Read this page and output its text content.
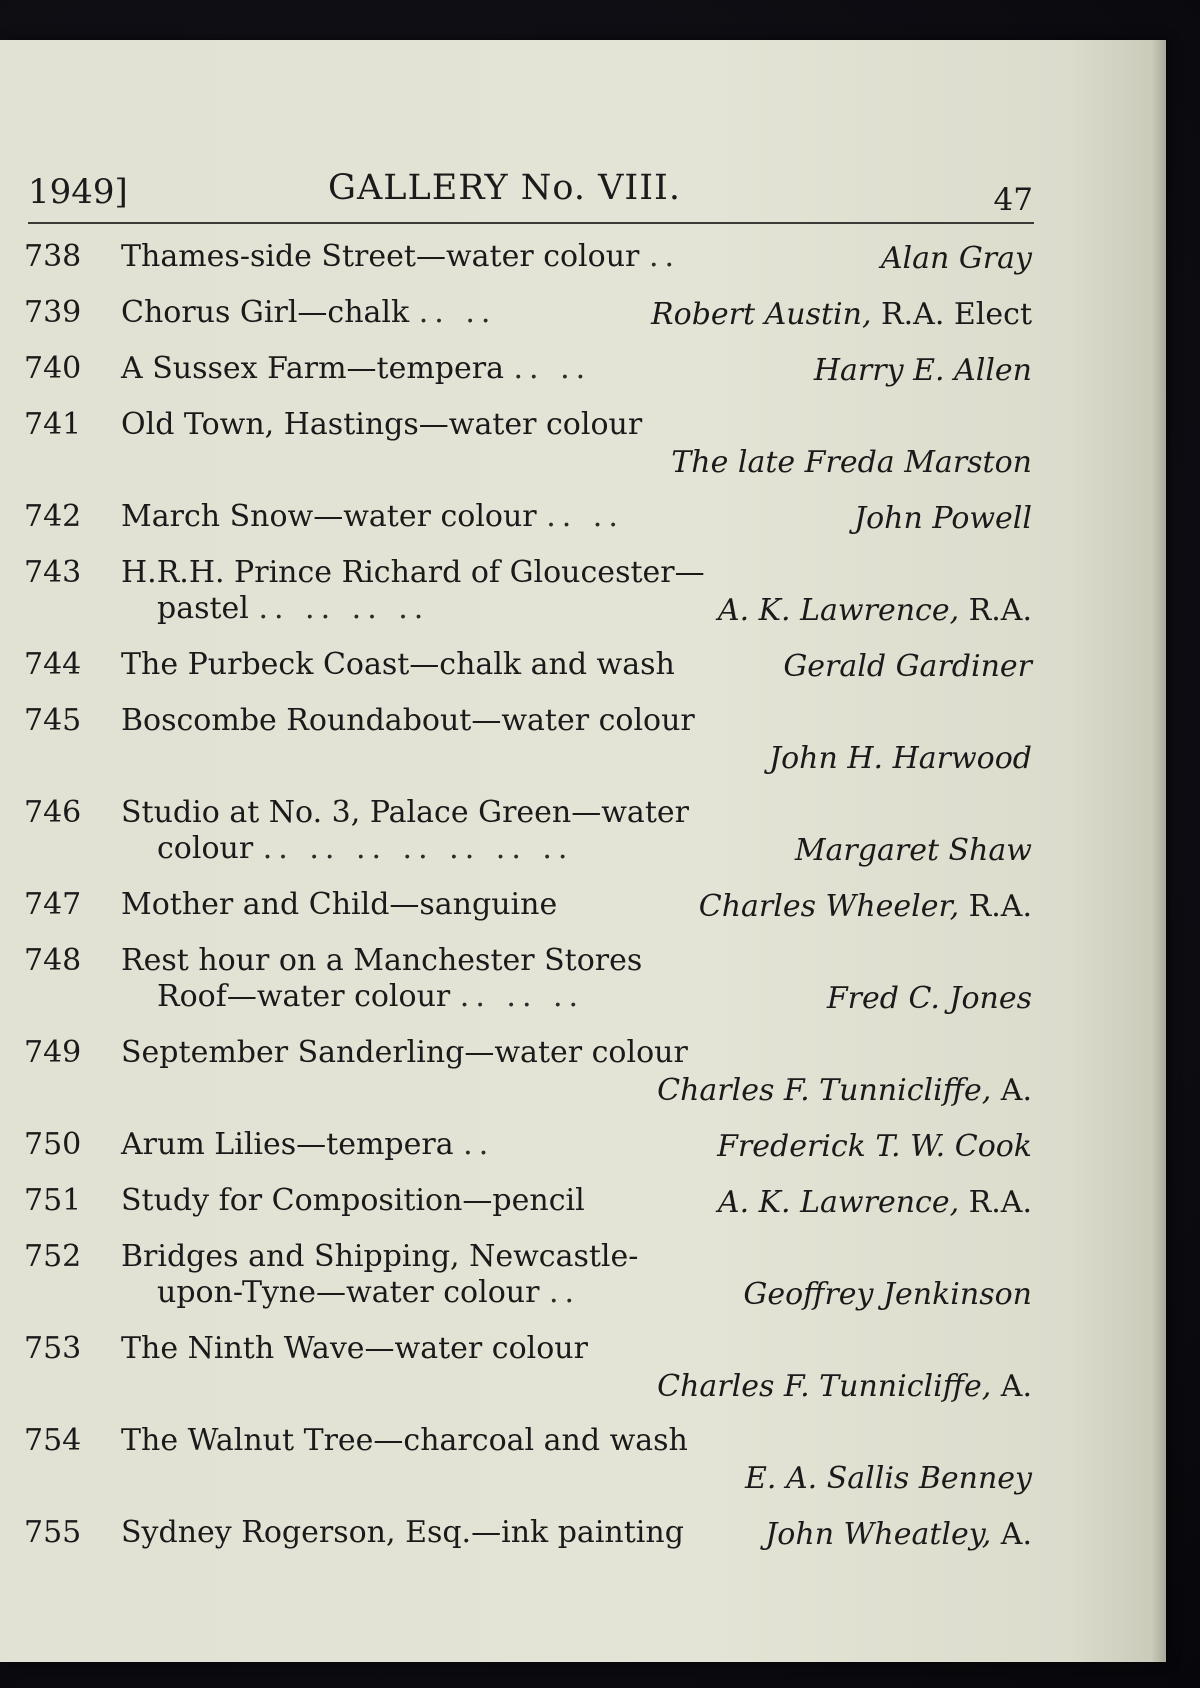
1949]	GALLERY No. VIII.	47
738 Thames-side Street—water colour ..	Alan Gray
739 Chorus Girl—chalk .. ..	Robert Austin, R.A. Elect
740 A Sussex Farm—tempera .. ..	Harry E. Allen
741 Old Town, Hastings—water colour
The late Freda Marston
742 March Snow—water colour .. ..	John Powell
743 H.R.H. Prince Richard of Gloucester—
pastel .. .. .. ..	A. K. Lawrence, R.A.
744 The Purbeck Coast—chalk and wash	Gerald Gardiner
745 Boscombe Roundabout—water colour
John H. Harwood
746 Studio at No. 3, Palace Green—water
colour .. .. .. .. .. .. ..	Margaret Shaw
747 Mother and Child—sanguine	Charles Wheeler, R.A.
748 Rest hour on a Manchester Stores
Roof—water colour .. .. ..	Fred C. Jones
749 September Sanderling—water colour
Charles F. Tunnicliffe, A.
750 Arum Lilies—tempera ..	Frederick T. W. Cook
751 Study for Composition—pencil	A. K. Lawrence, R.A.
752 Bridges and Shipping, Newcastle-
upon-Tyne—water colour ..	Geoffrey Jenkinson
753 The Ninth Wave—water colour
Charles F. Tunnicliffe, A.
754 The Walnut Tree—charcoal and wash
E. A. Sallis Benney
755 Sydney Rogerson, Esq.—ink painting	John Wheatley, A.
